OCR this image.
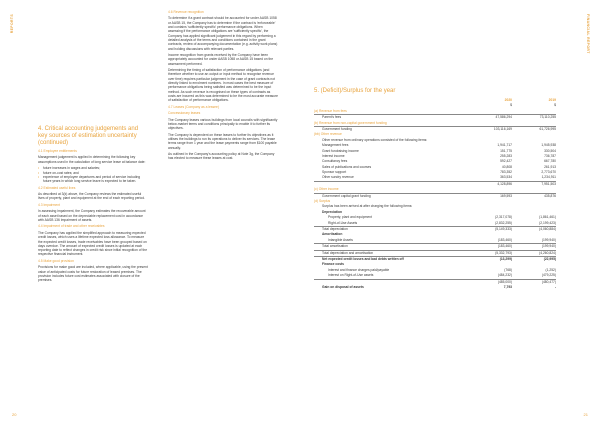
REPORTS	FINANCIAL REPORT
20	21
4. Critical accounting judgements and key sources of estimation uncertainty (continued)

4.1 Employee entitlements

Management judgement is applied in determining the following key assumptions used in the calculation of long service leave at balance date:

• future increases in wages and salaries;
• future on-cost rates; and
• experience of employee departures and period of service including future years in which long service leave is expected to be taken.

4.2 Estimated useful lives

As described at 3(k) above, the Company reviews the estimated useful lives of property, plant and equipment at the end of each reporting period.

4.3 Impairment

In assessing impairment, the Company estimates the recoverable amount of each asset based on the depreciable replacement cost in accordance with AASB 136 Impairment of assets.

4.4 Impairment of trade and other receivables

The Company has applied the simplified approach to measuring expected credit losses, which uses a lifetime expected loss allowance. To measure the expected credit losses, trade receivables have been grouped based on days overdue. The amount of expected credit losses is updated at each reporting date to reflect changes in credit risk since initial recognition of the respective financial instrument.

4.5 Make good provision

Provisions for make good are included, where applicable, using the present value of anticipated costs for future restoration of leased premises. The provision includes future cost estimates associated with closure of the premises.

4.6 Revenue recognition

To determine if a grant contract should be accounted for under AASB 1058 or AASB 15, the Company has to determine if the contract is 'enforceable' and contains 'sufficiently specific' performance obligations. When assessing if the performance obligations are 'sufficiently specific', the Company has applied significant judgement in this regard by performing a detailed analysis of the terms and conditions contained in the grant contracts, review of accompanying documentation (e.g. activity work plans) and holding discussions with relevant parties.

Income recognition from grants received by the Company have been appropriately accounted for under AASB 1058 or AASB 15 based on the assessment performed.

Determining the timing of satisfaction of performance obligations (and therefore whether to use an output or input method to recognise revenue over time) requires particular judgement in the case of grant contracts not directly linked to enrolment numbers. In most cases the best measure of performance obligations being satisfied was determined to be the input method. As such revenue is recognised on these types of contracts as costs are incurred as this was determined to be the most accurate measure of satisfaction of performance obligations.

4.7 Leases (Company as a lessee)

Concessionary leases

The Company leases various buildings from local councils with significantly below-market terms and conditions principally to enable it to further its objectives.

The Company is dependent on these leases to further its objectives as it utilises the buildings to run its operations to deliver its services. The lease terms range from 1 year and the lease payments range from $100 payable annually.

As outlined in the Company's accounting policy at Note 3g, the Company has elected to measure these leases at cost.

5. (Deficit)/Surplus for the year
2020	2019
$	$
(a) Revenue from fees
Parent's fees	47,586,294	73,110,255
(b) Revenue from non-capital government funding
Government funding	103,116,169	61,726,995
(bb) Other revenue
Other revenue from ordinary operations consisted of the following items:
Management fees	1,941,717	1,945,938
Grant fundraising income	151,775	330,504
Interest income	255,283	736,787
Consultancy fees	592,427	667,780
Sales of publications and courses	40,808	261,913
Sponsor support	783,352	2,773,670
Other sundry revenue	363,534	1,234,911
4,128,896	7,951,503
(c) Other income
Government capital grant funding	169,593	435,876
(d) Surplus
Surplus has been arrived at after charging the following items:
Depreciation
Property, plant and equipment	(2,317,078)	(1,861,461)
Right-of-Use Assets	(2,832,255)	(2,199,423)
Total depreciation	(5,149,333)	(4,060,884)
Amortisation
Intangible Assets	(183,460)	(199,940)
Total amortisation	(183,460)	(199,940)
Total depreciation and amortisation	(5,332,793)	(4,260,824)
Net expected credit losses and bad debts written off	(13,299)	(22,995)
Finance costs
Interest and finance charges paid/payable	(768)	(1,252)
Interest on Right-of-Use assets	(484,232)	(479,225)
(485,000)	(480,477)
Gain on disposal of assets	7,793	-
